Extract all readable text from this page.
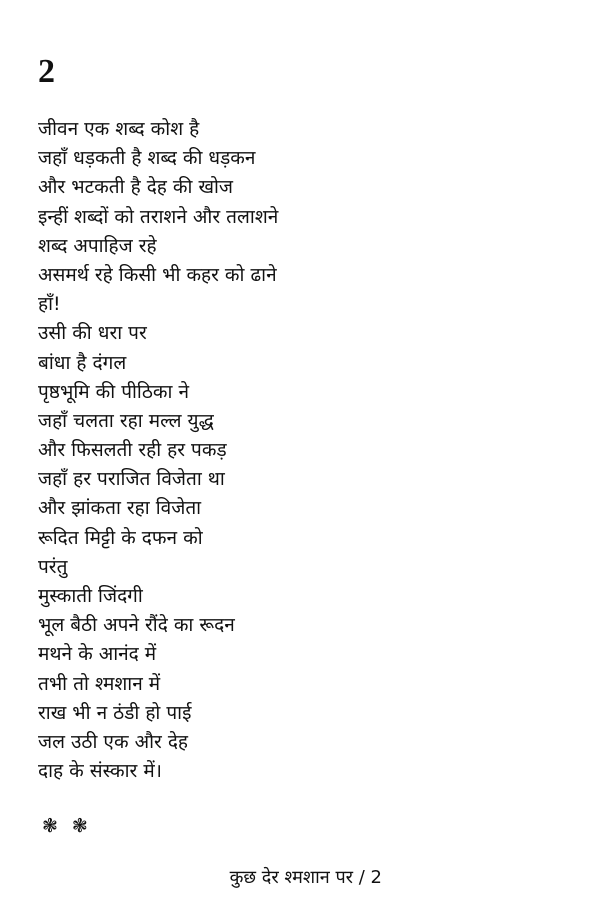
2
जीवन एक शब्द कोश है
जहाँ धड़कती है शब्द की धड़कन
और भटकती है देह की खोज
इन्हीं शब्दों को तराशने और तलाशने
शब्द अपाहिज रहे
असमर्थ रहे किसी भी कहर को ढाने
हाँ!
उसी की धरा पर
बांधा है दंगल
पृष्ठभूमि की पीठिका ने
जहाँ चलता रहा मल्ल युद्ध
और फिसलती रही हर पकड़
जहाँ हर पराजित विजेता था
और झांकता रहा विजेता
रूदित मिट्टी के दफन को
परंतु
मुस्काती जिंदगी
भूल बैठी अपने रौंदे का रूदन
मथने के आनंद में
तभी तो श्मशान में
राख भी न ठंडी हो पाई
जल उठी एक और देह
दाह के संस्कार में।
❃❃
कुछ देर श्मशान पर / 2
